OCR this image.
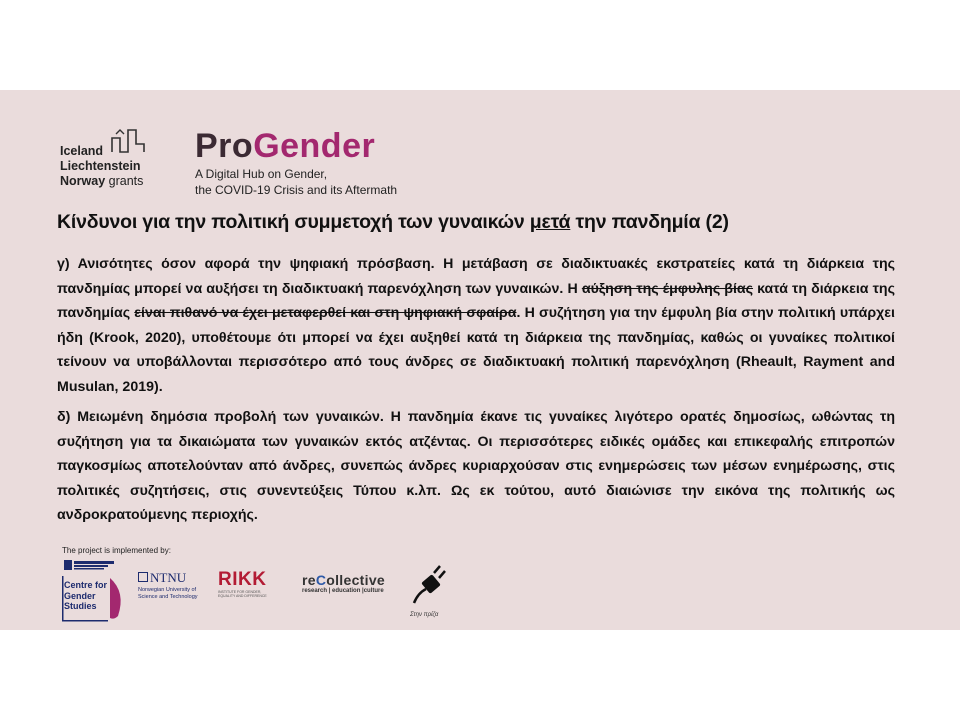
Iceland
Liechtenstein
Norway grants
ProGender
A Digital Hub on Gender,
the COVID-19 Crisis and its Aftermath
Κίνδυνοι για την πολιτική συμμετοχή των γυναικών μετά την πανδημία (2)

γ) Ανισότητες όσον αφορά την ψηφιακή πρόσβαση. Η μετάβαση σε διαδικτυακές εκστρατείες κατά τη διάρκεια της πανδημίας μπορεί να αυξήσει τη διαδικτυακή παρενόχληση των γυναικών. Η αύξηση της έμφυλης βίας κατά τη διάρκεια της πανδημίας είναι πιθανό να έχει μεταφερθεί και στη ψηφιακή σφαίρα. Η συζήτηση για την έμφυλη βία στην πολιτική υπάρχει ήδη (Krook, 2020), υποθέτουμε ότι μπορεί να έχει αυξηθεί κατά τη διάρκεια της πανδημίας, καθώς οι γυναίκες πολιτικοί τείνουν να υποβάλλονται περισσότερο από τους άνδρες σε διαδικτυακή πολιτική παρενόχληση (Rheault, Rayment and Musulan, 2019).

δ) Μειωμένη δημόσια προβολή των γυναικών. Η πανδημία έκανε τις γυναίκες λιγότερο ορατές δημοσίως, ωθώντας τη συζήτηση για τα δικαιώματα των γυναικών εκτός ατζέντας. Οι περισσότερες ειδικές ομάδες και επικεφαλής επιτροπών παγκοσμίως αποτελούνταν από άνδρες, συνεπώς άνδρες κυριαρχούσαν στις ενημερώσεις των μέσων ενημέρωσης, στις πολιτικές συζητήσεις, στις συνεντεύξεις Τύπου κ.λπ. Ως εκ τούτου, αυτό διαιώνισε την εικόνα της πολιτικής ως ανδροκρατούμενης περιοχής.

The project is implemented by:
Centre for
Gender
Studies
NTNU
Norwegian University of
Science and Technology
RIKK
INSTITUTE FOR GENDER, EQUALITY AND DIFFERENCE
reCollective
research | education |culture
Στην πρίζα
